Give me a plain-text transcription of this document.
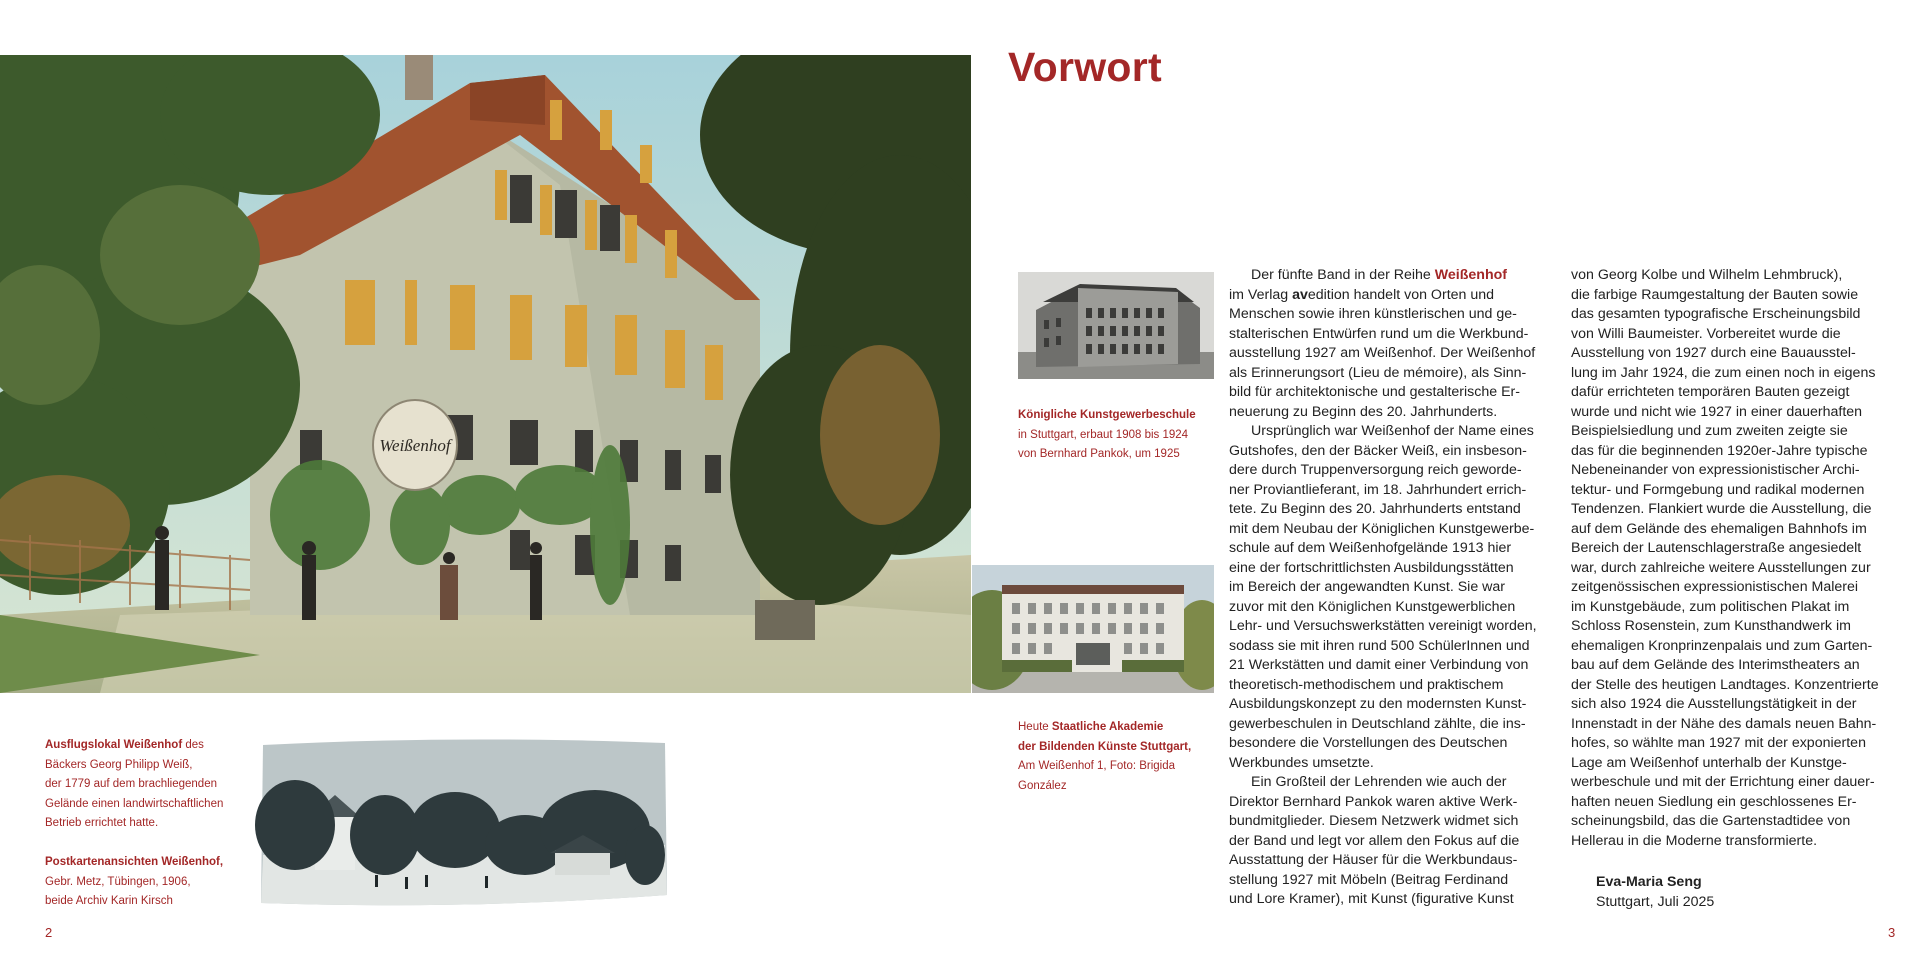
Weißenhof
Königliche Kunstgewerbeschule
in Stuttgart, erbaut 1908 bis 1924
von Bernhard Pankok, um 1925
Heute Staatliche Akademie
der Bildenden Künste Stuttgart,
Am Weißenhof 1, Foto: Brigida
González
Ausflugslokal Weißenhof des
Bäckers Georg Philipp Weiß,
der 1779 auf dem brachliegenden
Gelände einen landwirtschaftlichen
Betrieb errichtet hatte.
Postkartenansichten Weißenhof,
Gebr. Metz, Tübingen, 1906,
beide Archiv Karin Kirsch
Vorwort
Der fünfte Band in der Reihe Weißenhof
im Verlag avedition handelt von Orten und
Menschen sowie ihren künstlerischen und ge-
stalterischen Entwürfen rund um die Werkbund-
ausstellung 1927 am Weißenhof. Der Weißenhof
als Erinnerungsort (Lieu de mémoire), als Sinn-
bild für architektonische und gestalterische Er-
neuerung zu Beginn des 20. Jahrhunderts.
Ursprünglich war Weißenhof der Name eines
Gutshofes, den der Bäcker Weiß, ein insbeson-
dere durch Truppenversorgung reich geworde-
ner Proviantlieferant, im 18. Jahrhundert errich-
tete. Zu Beginn des 20. Jahrhunderts entstand
mit dem Neubau der Königlichen Kunstgewerbe-
schule auf dem Weißenhofgelände 1913 hier
eine der fortschrittlichsten Ausbildungsstätten
im Bereich der angewandten Kunst. Sie war
zuvor mit den Königlichen Kunstgewerblichen
Lehr- und Versuchswerkstätten vereinigt worden,
sodass sie mit ihren rund 500 SchülerInnen und
21 Werkstätten und damit einer Verbindung von
theoretisch-methodischem und praktischem
Ausbildungskonzept zu den modernsten Kunst-
gewerbeschulen in Deutschland zählte, die ins-
besondere die Vorstellungen des Deutschen
Werkbundes umsetzte.
Ein Großteil der Lehrenden wie auch der
Direktor Bernhard Pankok waren aktive Werk-
bundmitglieder. Diesem Netzwerk widmet sich
der Band und legt vor allem den Fokus auf die
Ausstattung der Häuser für die Werkbundaus-
stellung 1927 mit Möbeln (Beitrag Ferdinand
und Lore Kramer), mit Kunst (figurative Kunst
von Georg Kolbe und Wilhelm Lehmbruck),
die farbige Raumgestaltung der Bauten sowie
das gesamten typografische Erscheinungsbild
von Willi Baumeister. Vorbereitet wurde die
Ausstellung von 1927 durch eine Bauausstel-
lung im Jahr 1924, die zum einen noch in eigens
dafür errichteten temporären Bauten gezeigt
wurde und nicht wie 1927 in einer dauerhaften
Beispielsiedlung und zum zweiten zeigte sie
das für die beginnenden 1920er-Jahre typische
Nebeneinander von expressionistischer Archi-
tektur- und Formgebung und radikal modernen
Tendenzen. Flankiert wurde die Ausstellung, die
auf dem Gelände des ehemaligen Bahnhofs im
Bereich der Lautenschlagerstraße angesiedelt
war, durch zahlreiche weitere Ausstellungen zur
zeitgenössischen expressionistischen Malerei
im Kunstgebäude, zum politischen Plakat im
Schloss Rosenstein, zum Kunsthandwerk im
ehemaligen Kronprinzenpalais und zum Garten-
bau auf dem Gelände des Interimstheaters an
der Stelle des heutigen Landtages. Konzentrierte
sich also 1924 die Ausstellungstätigkeit in der
Innenstadt in der Nähe des damals neuen Bahn-
hofes, so wählte man 1927 mit der exponierten
Lage am Weißenhof unterhalb der Kunstge-
werbeschule und mit der Errichtung einer dauer-
haften neuen Siedlung ein geschlossenes Er-
scheinungsbild, das die Gartenstadtidee von
Hellerau in die Moderne transformierte.
Eva-Maria Seng
Stuttgart, Juli 2025
2	3
